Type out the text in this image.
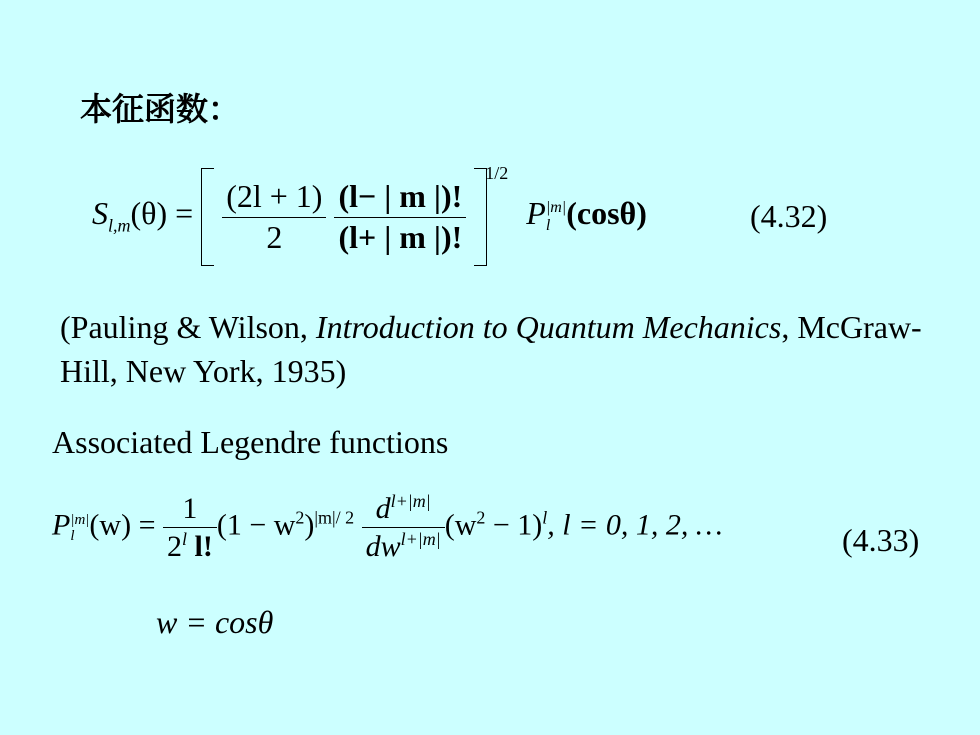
本征函数：
$S_{l,m}(\theta) = \frac{(2l + 1)}{2}$
$\frac{(l- | m |)!}{(l+ | m |)!}$
$^{1/2}$ P |m|
l (cosθ)	(4.32)
(Pauling & Wilson, Introduction to Quantum Mechanics, McGraw-Hill, New York, 1935)
Associated Legendre functions
P |m|
l $(w) = \frac{1}{2^l l!} (1 - w^2)^{|m|/ 2} \frac{d^{l+|m|}}{dw^{l+|m|}} (w^2 - 1)^l$, l = 0, 1, 2, …	(4.33)
w = cosθ
